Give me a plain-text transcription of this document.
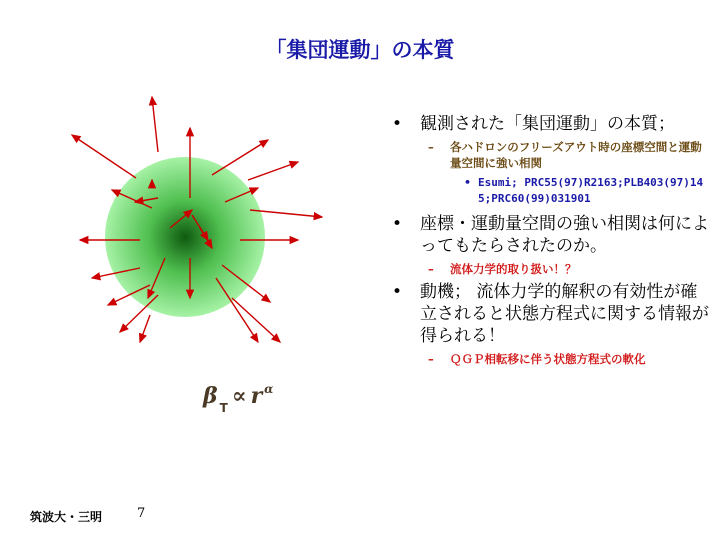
「集団運動」の本質
β $_T$ ∝ r $^\alpha$
• 観測された「集団運動」の本質；
– 各ハドロンのフリーズアウト時の座標空間と運動量空間に強い相関
• Esumi; PRC55(97)R2163;PLB403(97)145;PRC60(99)031901
• 座標・運動量空間の強い相関は何によってもたらされたのか。
– 流体力学的取り扱い！？
• 動機； 流体力学的解釈の有効性が確立されると状態方程式に関する情報が得られる！
– ＱＧＰ相転移に伴う状態方程式の軟化
筑波大・三明	7
